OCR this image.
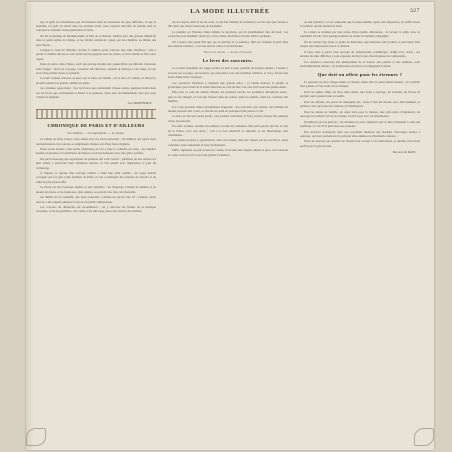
LA MODE ILLUSTRÉE	327

que la gaîté ne l'abandonne pas un moment dans les situations les plus difficiles, et que le baptême, tel qu'il est décrit dans les anciens récits, reste toujours une fête de famille dont le souvenir se transmet d'une génération à l'autre.

On dit le mariage de Mademoiselle, la fille de la maison, célébré avec une grande simplicité dans la petite église du village, et les invités rentrèrent à pied, par les chemins, au milieu des prés fleuris.

Lorsque le nom de l'héroïne revient, il semble qu'on retrouve une amie d'enfance ; elle a gardé ce charme discret et cette bonté qui lui gagnent tous les cœurs, et l'on referme le livre avec regret.

Dans un autre ordre d'idées, voici un ouvrage destiné aux jeunes filles qui désirent s'instruire sans fatigue : récits de voyages, causeries sur l'histoire, conseils de ménage et de tenue, le tout écrit d'une plume alerte et agréable.

Ce petit volume trouvera sa place sur la table de famille ; on le lira à la veillée, et chacun y prendra plaisir, les grands comme les petits.

Les étrennes approchent ; nos lectrices nous demandent chaque année quelques indications sur les livres qui conviennent le mieux à la jeunesse. Nous leur recommandons ceux que nous venons de signaler.

Jean BERTHEROY.
CHRONIQUE DE PARIS ET D'AILLEURS
Les théâtres. — Les expositions. — Le monde.

La saison de Paris s'ouvre cette année avec un éclat particulier ; les théâtres ont repris leurs représentations et les salons se remplissent chaque soir d'une foule élégante.

Nous avons assisté à une soirée charmante où l'on a joué la comédie de salon ; les toilettes étaient ravissantes et la maîtresse de maison a fait les honneurs avec une grâce parfaite.

On parle beaucoup des expositions de peinture qui vont s'ouvrir ; plusieurs de nos artistes les plus aimés y enverront leurs dernières œuvres, et l'on attend avec impatience le jour du vernissage.

À l'Opéra, la reprise d'un ouvrage célèbre a attiré une salle comble ; les loges étaient occupées par les plus jolies femmes de Paris, et l'on a remarqué des toilettes de velours et de satin du plus grand effet.

La mode est aux fourrures légères et aux dentelles ; les chapeaux s'ornent de plumes et de nœuds de ruban, et les manteaux, plus amples, se portent avec des cols montants.

Au théâtre de la Comédie, une pièce nouvelle a obtenu un succès très vif ; l'auteur, jeune encore, a été rappelé plusieurs fois par un public enthousiaste.

Les concerts du dimanche ont recommencé ; on y retrouve les fidèles de la musique classique, et les programmes, très variés, font une large place aux œuvres des maîtres.

vie de l'esprit, dans la vie du cœur, ce qui fait l'intérêt de l'existence, et l'on sent que l'auteur a mis dans son œuvre beaucoup de lui-même.

Le premier est l'histoire d'une famille de province, qui vit paisiblement loin du bruit ; les caractères sont finement observés, et les scènes d'intérieur ont une vérité touchante.

On y trouve une jeune fille qui, par sa douceur et sa patience, finit par ramener la paix dans une maison troublée ; c'est une lecture saine et réconfortante.

Nouveaux romans. — Livres d'étrennes.
Le livre des souvenirs.

Ce recueil rassemble des pages écrites au jour le jour, pendant de longues années ; l'auteur y raconte ses voyages, ses lectures, ses rencontres avec des hommes célèbres, et l'on y trouve une foule d'anecdotes curieuses.

Les souvenirs d'enfance y tiennent une grande place ; la vieille maison, le jardin, la grand'mère qui contait de si belles histoires au coin du feu, tout cela revit sous une plume émue.

Plus loin, ce sont les années d'étude, les premiers succès, les premières déceptions aussi ; puis la vie s'élargit, et l'on suit l'auteur dans les salons, dans les ateliers, dans les coulisses des théâtres.

Il y a des portraits d'une ressemblance frappante ; des écrivains, des artistes, des femmes du monde passent tour à tour, et chacun est peint en quelques traits justes et vifs.

Ce livre est de ceux qu'on garde ; on y revient volontiers, et l'on y trouve chaque fois quelque chose de nouveau.

Un autre volume, destiné aux enfants, raconte les aventures d'un petit garçon qui fait le tour de la France avec son oncle ; c'est à la fois instructif et amusant, et les illustrations sont charmantes.

Les jeunes lecteurs y apprendront, sans s'en douter, bien des choses sur les provinces, leurs coutumes, leurs industries et leurs monuments.

Enfin, signalons un joli recueil de contes, écrit dans une langue simple et pure, où la morale se cache sous le récit et ne lasse jamais l'attention.

de leur patience, et l'on comprend que la jeune femme, après tant d'épreuves, ait enfin trouvé le bonheur qu'elle méritait si bien.

Le roman se termine par une scène d'une grande délicatesse ; le lecteur le quitte avec le sentiment d'avoir vécu quelques heures en bonne et honnête compagnie.

On ne saurait trop louer ce genre de littérature, qui intéresse sans troubler et qui laisse dans l'esprit une impression douce et durable.

Il nous reste à parler d'un ouvrage de vulgarisation scientifique, rédigé avec clarté ; les notions les plus difficiles y sont exposées de façon que chacun puisse les comprendre.

Les chapitres consacrés aux phénomènes de la nature, aux plantes et aux animaux, sont particulièrement réussis ; de nombreuses gravures accompagnent le texte.

Que doit-on offrir pour les étrennes ?

La question se pose chaque année, et chaque année elle est aussi embarrassante ; on voudrait faire plaisir, et l'on craint de se tromper.

Pour les jeunes filles, un livre bien choisi, une boîte à ouvrage, un éventail, un flacon de parfum sont toujours bien accueillis.

Pour les enfants, les jouets ne manquent pas ; mais il faut les choisir avec discernement, et préférer ceux qui exercent l'adresse et l'intelligence.

Pour les mères de famille, un objet utile pour la maison, une jolie pièce d'argenterie, un ouvrage de broderie fait de nos mains, seront reçus avec reconnaissance.

N'oublions pas les pauvres ; les étrennes ne sont complètes que si elles s'étendent à ceux qui souffrent, et c'est là le plus beau des présents.

Nos lectrices trouveront dans nos prochains numéros des modèles d'ouvrages faciles à exécuter, qui leur permettront de préparer elles-mêmes de charmants cadeaux.

Nous ne doutons pas qu'elles ne fassent bon accueil à ces indications, et qu'elles n'en tirent profit pour la joie de tous.

Baronne de MAIN.
